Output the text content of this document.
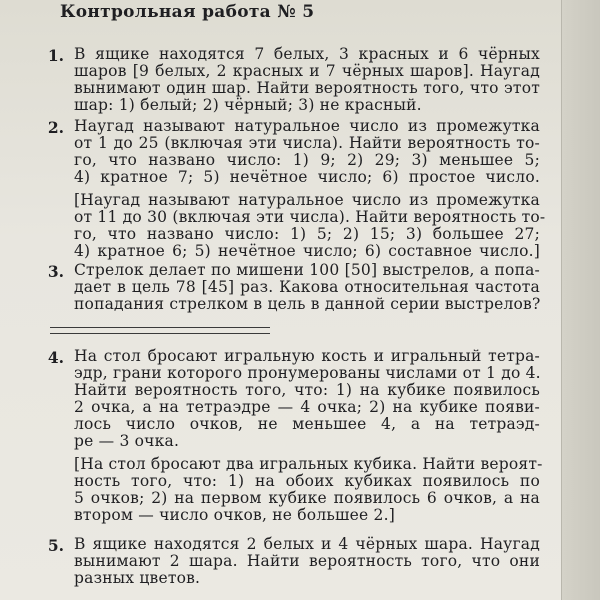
Контрольная работа № 5
1. В ящике находятся 7 белых, 3 красных и 6 чёрных
шаров [9 белых, 2 красных и 7 чёрных шаров]. Наугад
вынимают один шар. Найти вероятность того, что этот
шар: 1) белый; 2) чёрный; 3) не красный.
2. Наугад называют натуральное число из промежутка
от 1 до 25 (включая эти числа). Найти вероятность то-
го, что названо число: 1) 9; 2) 29; 3) меньшее 5;
4) кратное 7; 5) нечётное число; 6) простое число.
[Наугад называют натуральное число из промежутка
от 11 до 30 (включая эти числа). Найти вероятность то-
го, что названо число: 1) 5; 2) 15; 3) большее 27;
4) кратное 6; 5) нечётное число; 6) составное число.]
3. Стрелок делает по мишени 100 [50] выстрелов, а попа-
дает в цель 78 [45] раз. Какова относительная частота
попадания стрелком в цель в данной серии выстрелов?
4. На стол бросают игральную кость и игральный тетра-
эдр, грани которого пронумерованы числами от 1 до 4.
Найти вероятность того, что: 1) на кубике появилось
2 очка, а на тетраэдре — 4 очка; 2) на кубике появи-
лось число очков, не меньшее 4, а на тетраэд-
ре — 3 очка.
[На стол бросают два игральных кубика. Найти вероят-
ность того, что: 1) на обоих кубиках появилось по
5 очков; 2) на первом кубике появилось 6 очков, а на
втором — число очков, не большее 2.]
5. В ящике находятся 2 белых и 4 чёрных шара. Наугад
вынимают 2 шара. Найти вероятность того, что они
разных цветов.
